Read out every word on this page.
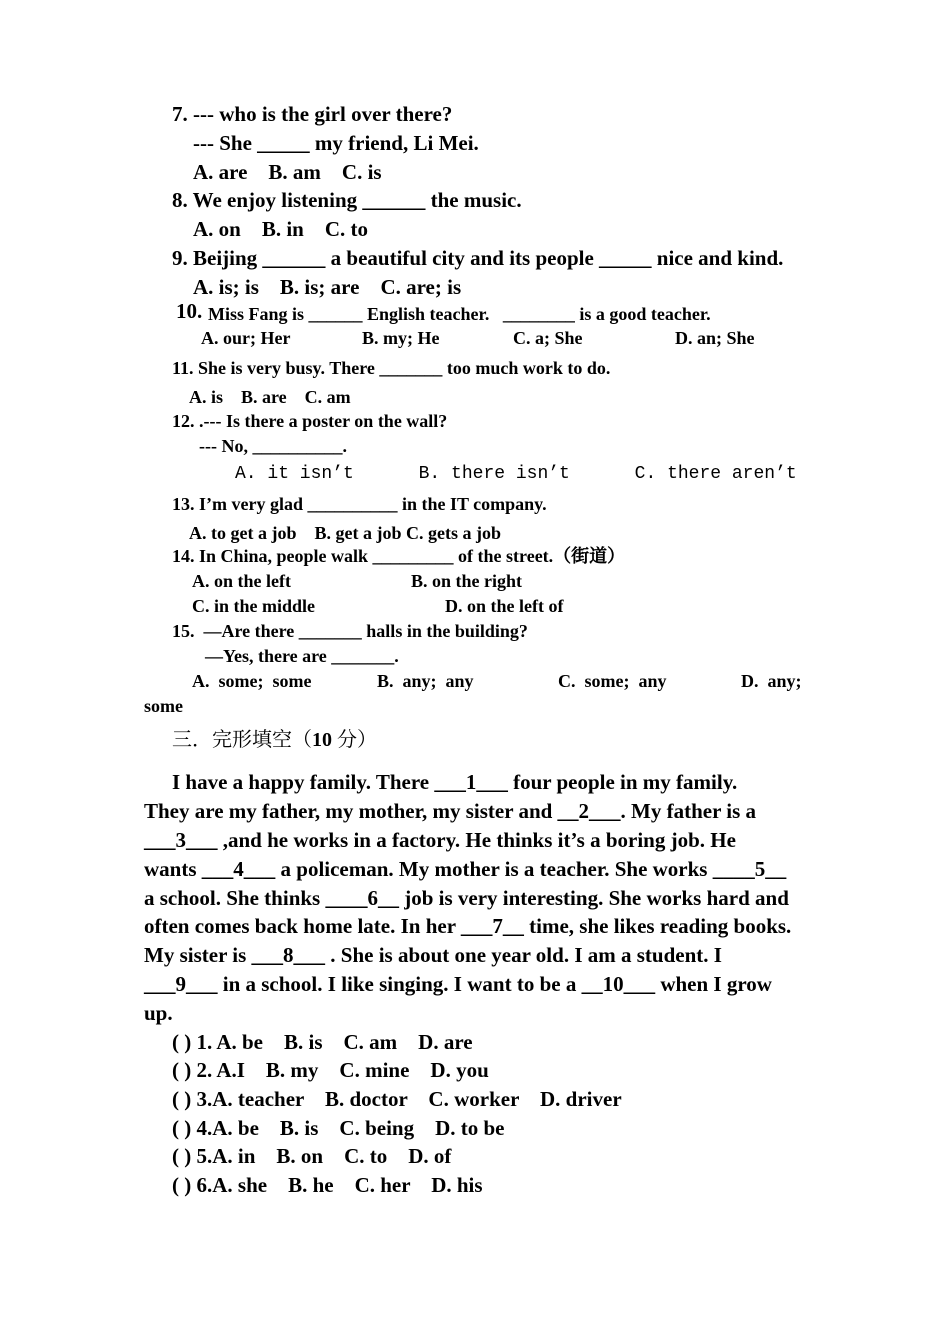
7. --- who is the girl over there?
--- She _____ my friend, Li Mei.
A. are    B. am    C. is
8. We enjoy listening ______ the music.
A. on    B. in    C. to
9. Beijing ______ a beautiful city and its people _____ nice and kind.
A. is; is    B. is; are    C. are; is
10. Miss Fang is ______ English teacher.   ________ is a good teacher.
A. our; Her	B. my; He	C. a; She	D. an; She
11. She is very busy. There _______ too much work to do.
A. is    B. are    C. am
12. .--- Is there a poster on the wall?
--- No, __________.
A. it isn’t      B. there isn’t      C. there aren’t
13. I’m very glad __________ in the IT company.
A. to get a job    B. get a job C. gets a job
14. In China, people walk _________ of the street.（街道）
A. on the left	B. on the right
C. in the middle	D. on the left of
15.  —Are there _______ halls in the building?
—Yes, there are _______.
A.  some;  some	B.  any;  any	C.  some;  any	D.  any;
some
三．完形填空（10 分）
I have a happy family. There ___1___ four people in my family.
They are my father, my mother, my sister and __2___. My father is a
___3___ ,and he works in a factory. He thinks it’s a boring job. He
wants ___4___ a policeman. My mother is a teacher. She works ____5__
a school. She thinks ____6__ job is very interesting. She works hard and
often comes back home late. In her ___7__ time, she likes reading books.
My sister is ___8___ . She is about one year old. I am a student. I
___9___ in a school. I like singing. I want to be a __10___ when I grow
up.
( ) 1. A. be    B. is    C. am    D. are
( ) 2. A.I    B. my    C. mine    D. you
( ) 3.A. teacher    B. doctor    C. worker    D. driver
( ) 4.A. be    B. is    C. being    D. to be
( ) 5.A. in    B. on    C. to    D. of
( ) 6.A. she    B. he    C. her    D. his
